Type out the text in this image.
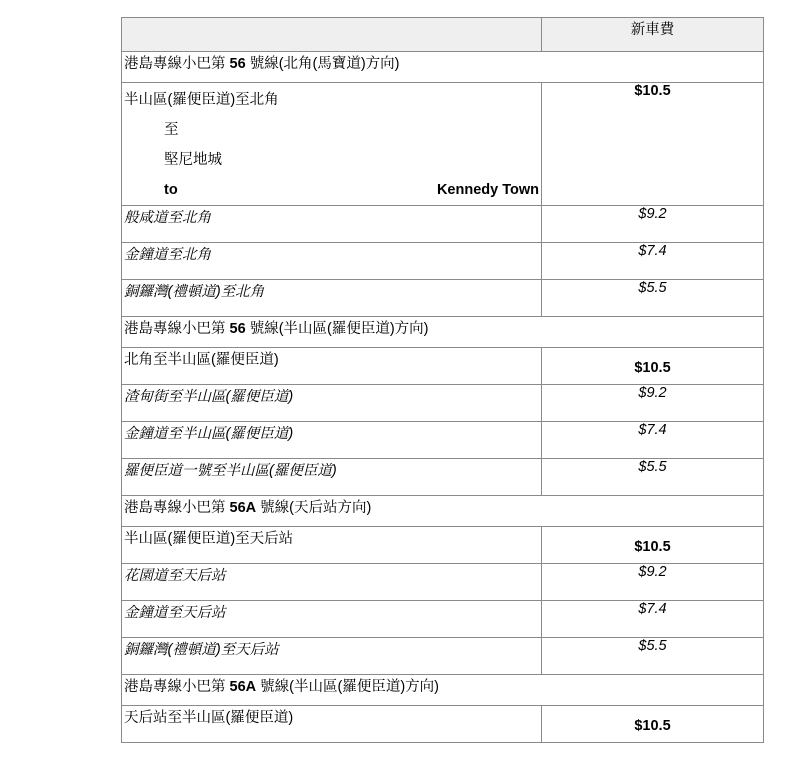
	新車費
港島專線小巴第 56 號線(北角(馬寶道)方向)	

半山區(羅便臣道)至北角
至
堅尼地城
to Kennedy Town	$10.5
般咸道至北角	$9.2
金鐘道至北角	$7.4
銅鑼灣(禮頓道)至北角	$5.5
港島專線小巴第 56 號線(半山區(羅便臣道)方向)	
北角至半山區(羅便臣道)	$10.5
渣甸街至半山區(羅便臣道)	$9.2
金鐘道至半山區(羅便臣道)	$7.4
羅便臣道一號至半山區(羅便臣道)	$5.5
港島專線小巴第 56A 號線(天后站方向)	
半山區(羅便臣道)至天后站	$10.5
花園道至天后站	$9.2
金鐘道至天后站	$7.4
銅鑼灣(禮頓道)至天后站	$5.5
港島專線小巴第 56A 號線(半山區(羅便臣道)方向)	
天后站至半山區(羅便臣道)	$10.5
